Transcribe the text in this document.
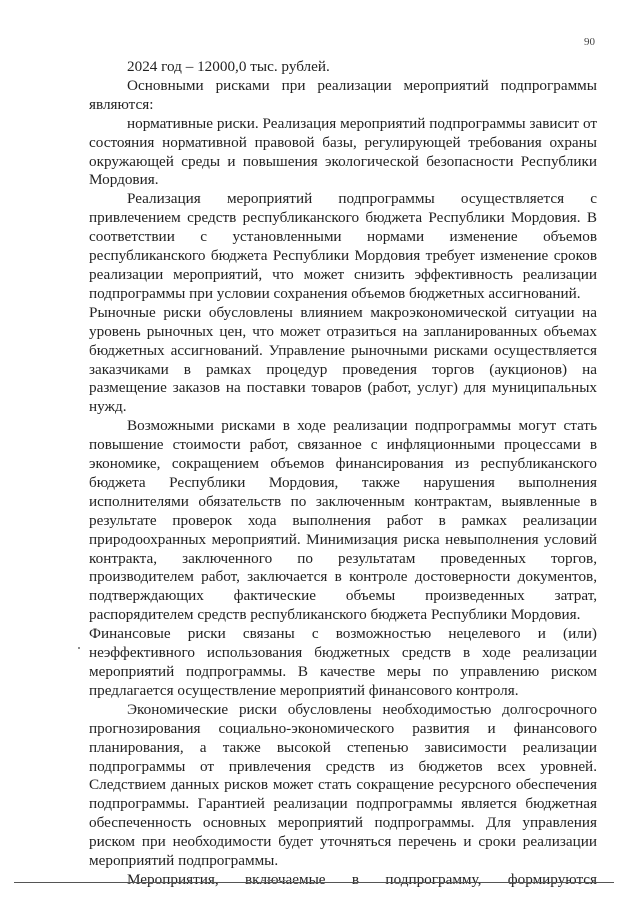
90

2024 год – 12000,0 тыс. рублей.

Основными рисками при реализации мероприятий подпрограммы являются:

нормативные риски. Реализация мероприятий подпрограммы зависит от состояния нормативной правовой базы, регулирующей требования охраны окружающей среды и повышения экологической безопасности Республики Мордовия.

Реализация мероприятий подпрограммы осуществляется с привлечением средств республиканского бюджета Республики Мордовия. В соответствии с установленными нормами изменение объемов республиканского бюджета Республики Мордовия требует изменение сроков реализации мероприятий, что может снизить эффективность реализации подпрограммы при условии сохранения объемов бюджетных ассигнований.

Рыночные риски обусловлены влиянием макроэкономической ситуации на уровень рыночных цен, что может отразиться на запланированных объемах бюджетных ассигнований. Управление рыночными рисками осуществляется заказчиками в рамках процедур проведения торгов (аукционов) на размещение заказов на поставки товаров (работ, услуг) для муниципальных нужд.

Возможными рисками в ходе реализации подпрограммы могут стать повышение стоимости работ, связанное с инфляционными процессами в экономике, сокращением объемов финансирования из республиканского бюджета Республики Мордовия, также нарушения выполнения исполнителями обязательств по заключенным контрактам, выявленные в результате проверок хода выполнения работ в рамках реализации природоохранных мероприятий. Минимизация риска невыполнения условий контракта, заключенного по результатам проведенных торгов, производителем работ, заключается в контроле достоверности документов, подтверждающих фактические объемы произведенных затрат, распорядителем средств республиканского бюджета Республики Мордовия.

Финансовые риски связаны с возможностью нецелевого и (или) неэффективного использования бюджетных средств в ходе реализации мероприятий подпрограммы. В качестве меры по управлению риском предлагается осуществление мероприятий финансового контроля.

Экономические риски обусловлены необходимостью долгосрочного прогнозирования социально-экономического развития и финансового планирования, а также высокой степенью зависимости реализации подпрограммы от привлечения средств из бюджетов всех уровней. Следствием данных рисков может стать сокращение ресурсного обеспечения подпрограммы. Гарантией реализации подпрограммы является бюджетная обеспеченность основных мероприятий подпрограммы. Для управления риском при необходимости будет уточняться перечень и сроки реализации мероприятий подпрограммы.

Мероприятия, включаемые в подпрограмму, формируются
